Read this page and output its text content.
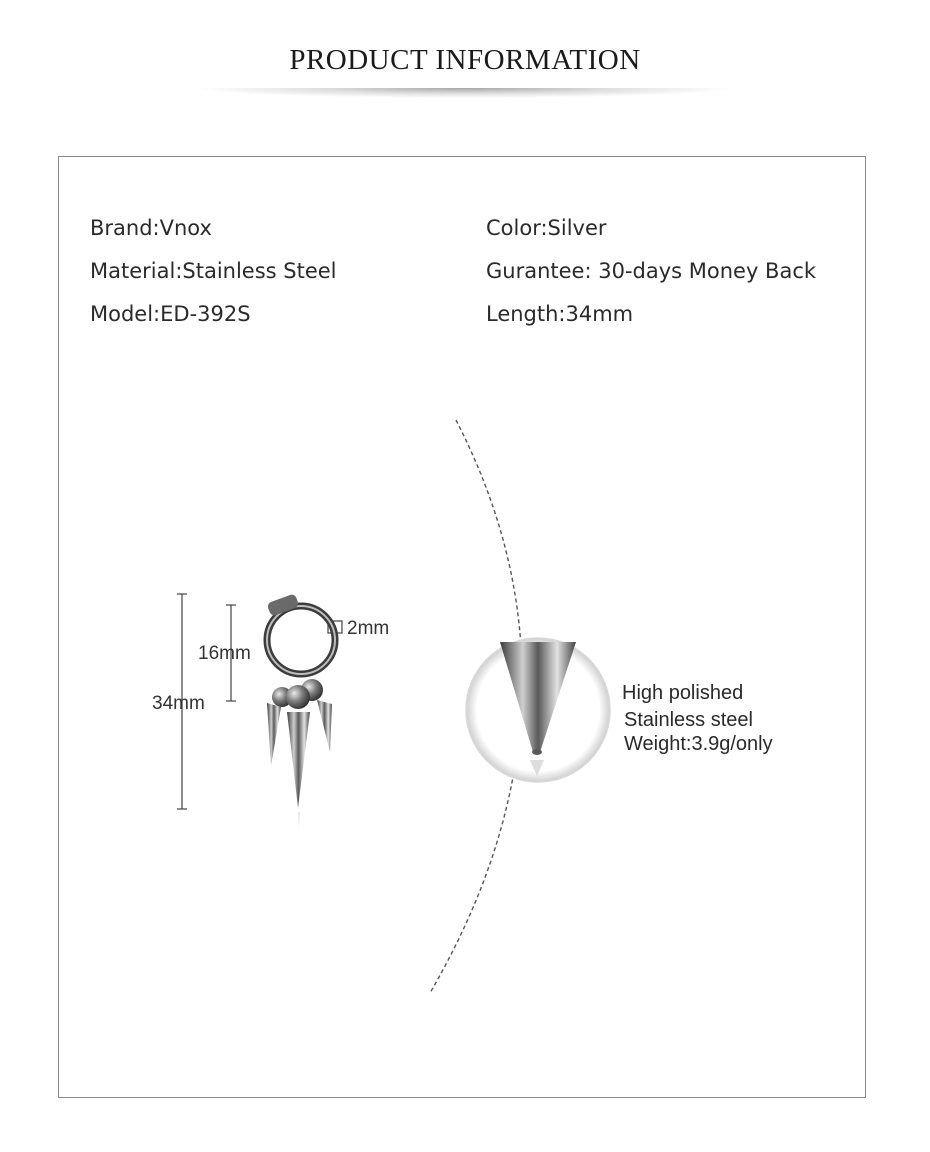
PRODUCT INFORMATION
Brand:Vnox
Material:Stainless Steel
Model:ED-392S
Color:Silver
Gurantee: 30-days Money Back
Length:34mm
34mm
16mm
2mm
High polished
Stainless steel
Weight:3.9g/only
